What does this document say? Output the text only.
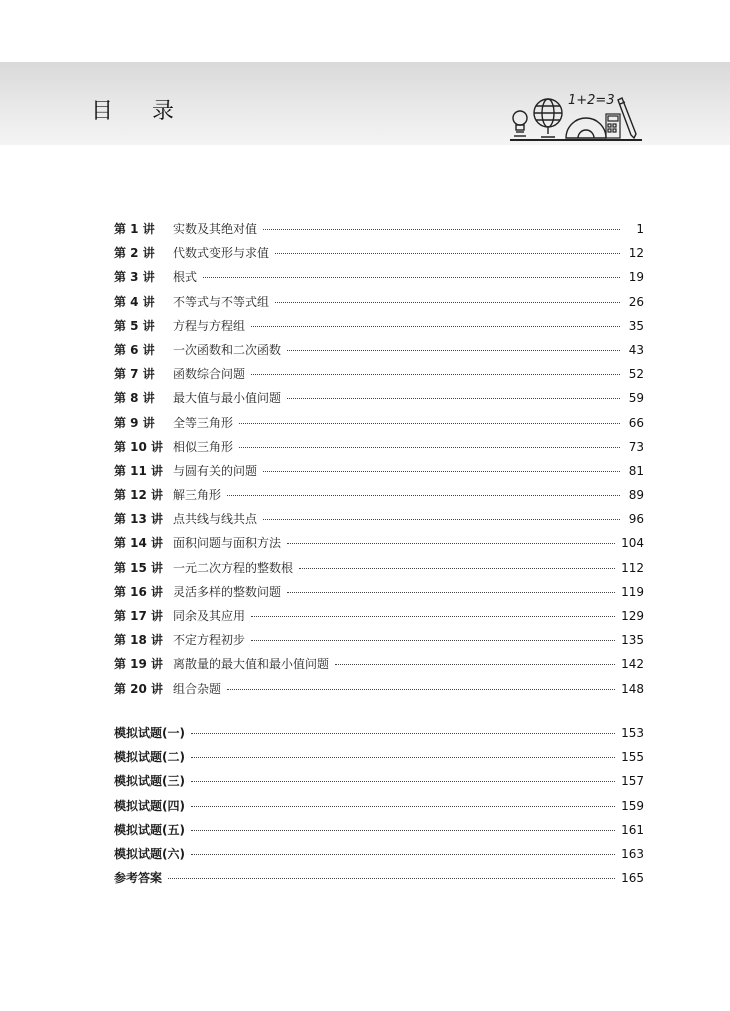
目 录	1+2=3
第 1 讲	实数及其绝对值	1
第 2 讲	代数式变形与求值	12
第 3 讲	根式	19
第 4 讲	不等式与不等式组	26
第 5 讲	方程与方程组	35
第 6 讲	一次函数和二次函数	43
第 7 讲	函数综合问题	52
第 8 讲	最大值与最小值问题	59
第 9 讲	全等三角形	66
第 10 讲 相似三角形	73
第 11 讲 与圆有关的问题	81
第 12 讲 解三角形	89
第 13 讲 点共线与线共点	96
第 14 讲 面积问题与面积方法	104
第 15 讲 一元二次方程的整数根	112
第 16 讲 灵活多样的整数问题	119
第 17 讲 同余及其应用	129
第 18 讲 不定方程初步	135
第 19 讲 离散量的最大值和最小值问题	142
第 20 讲 组合杂题	148
模拟试题(一)	153
模拟试题(二)	155
模拟试题(三)	157
模拟试题(四)	159
模拟试题(五)	161
模拟试题(六)	163
参考答案	165
